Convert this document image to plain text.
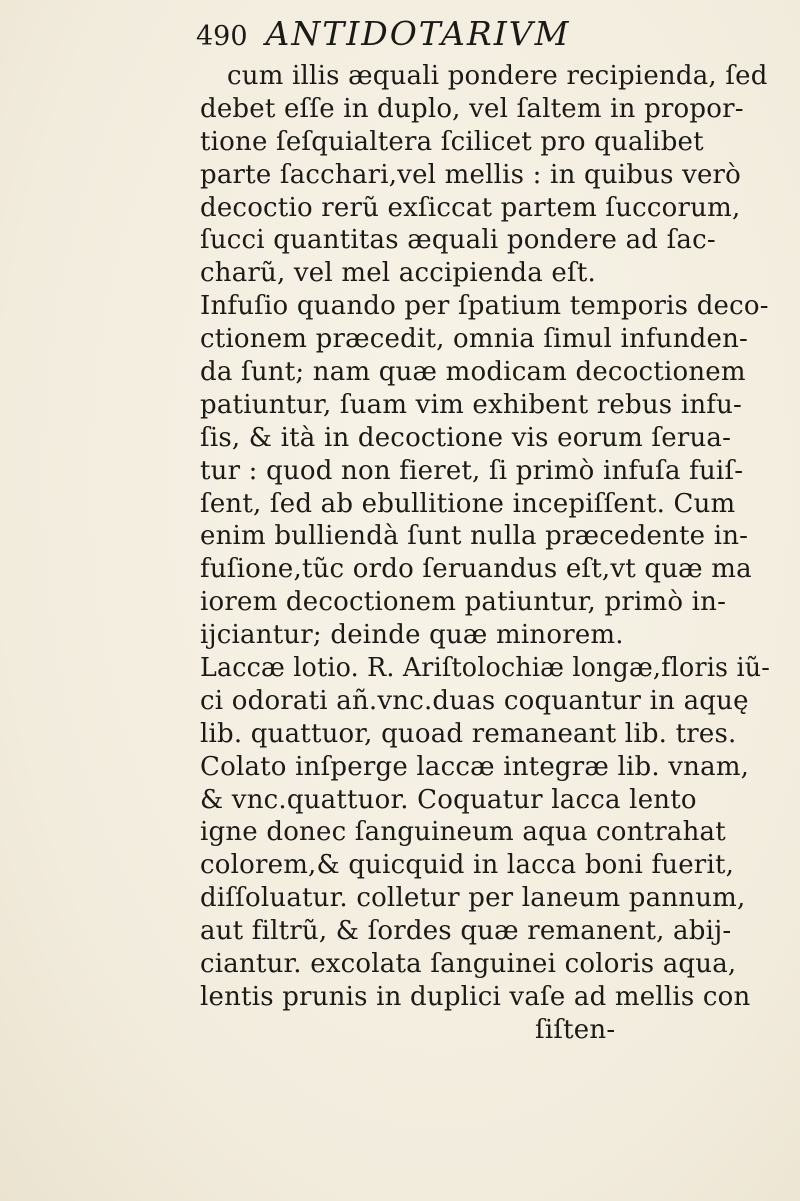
490 ANTIDOTARIVM
cum illis æquali pondere recipienda, ſed
debet eſſe in duplo, vel ſaltem in propor-
tione ſeſquialtera ſcilicet pro qualibet
parte ſacchari,vel mellis : in quibus verò
decoctio rerũ exſiccat partem ſuccorum,
ſucci quantitas æquali pondere ad ſac-
charũ, vel mel accipienda eſt.
Infuſio quando per ſpatium temporis deco-
ctionem præcedit, omnia ſimul infunden-
da ſunt; nam quæ modicam decoctionem
patiuntur, ſuam vim exhibent rebus infu-
ſis, & ità in decoctione vis eorum ſerua-
tur : quod non fieret, ſi primò infuſa fuiſ-
ſent, ſed ab ebullitione incepiſſent. Cum
enim bulliendà ſunt nulla præcedente in-
fuſione,tũc ordo ſeruandus eſt,vt quæ ma
iorem decoctionem patiuntur, primò in-
ijciantur; deinde quæ minorem.
Laccæ lotio. R. Ariſtolochiæ longæ,floris iũ-
ci odorati añ.vnc.duas coquantur in aquę
lib. quattuor, quoad remaneant lib. tres.
Colato inſperge laccæ integræ lib. vnam,
& vnc.quattuor. Coquatur lacca lento
igne donec ſanguineum aqua contrahat
colorem,& quicquid in lacca boni fuerit,
diſſoluatur. colletur per laneum pannum,
aut filtrũ, & ſordes quæ remanent, abij-
ciantur. excolata ſanguinei coloris aqua,
lentis prunis in duplici vaſe ad mellis con
ſiſten-
